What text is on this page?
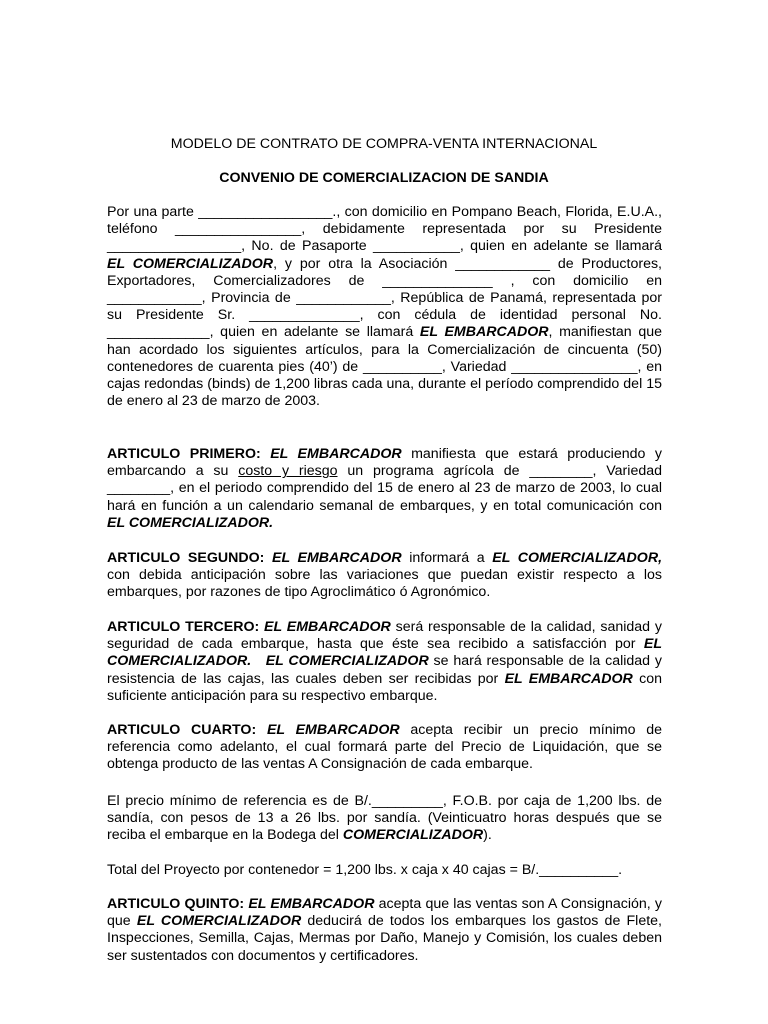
MODELO DE CONTRATO DE COMPRA-VENTA INTERNACIONAL
CONVENIO DE COMERCIALIZACION DE SANDIA

Por una parte _________________., con domicilio en Pompano Beach, Florida, E.U.A., teléfono ________________, debidamente representada por su Presidente _________________, No. de Pasaporte ___________, quien en adelante se llamará EL COMERCIALIZADOR, y por otra la Asociación ____________ de Productores, Exportadores, Comercializadores de ______________ , con domicilio en ____________, Provincia de ____________, República de Panamá, representada por su Presidente Sr. ______________, con cédula de identidad personal No. _____________, quien en adelante se llamará EL EMBARCADOR, manifiestan que han acordado los siguientes artículos, para la Comercialización de cincuenta (50) contenedores de cuarenta pies (40’) de __________, Variedad ________________, en cajas redondas (binds) de 1,200 libras cada una, durante el período comprendido del 15 de enero al 23 de marzo de 2003.

ARTICULO PRIMERO: EL EMBARCADOR manifiesta que estará produciendo y embarcando a su costo y riesgo un programa agrícola de ________, Variedad ________, en el periodo comprendido del 15 de enero al 23 de marzo de 2003, lo cual hará en función a un calendario semanal de embarques, y en total comunicación con EL COMERCIALIZADOR.

ARTICULO SEGUNDO: EL EMBARCADOR informará a EL COMERCIALIZADOR, con debida anticipación sobre las variaciones que puedan existir respecto a los embarques, por razones de tipo Agroclimático ó Agronómico.

ARTICULO TERCERO: EL EMBARCADOR será responsable de la calidad, sanidad y seguridad de cada embarque, hasta que éste sea recibido a satisfacción por EL COMERCIALIZADOR. EL COMERCIALIZADOR se hará responsable de la calidad y resistencia de las cajas, las cuales deben ser recibidas por EL EMBARCADOR con suficiente anticipación para su respectivo embarque.

ARTICULO CUARTO: EL EMBARCADOR acepta recibir un precio mínimo de referencia como adelanto, el cual formará parte del Precio de Liquidación, que se obtenga producto de las ventas A Consignación de cada embarque.

El precio mínimo de referencia es de B/._________, F.O.B. por caja de 1,200 lbs. de sandía, con pesos de 13 a 26 lbs. por sandía. (Veinticuatro horas después que se reciba el embarque en la Bodega del COMERCIALIZADOR).

Total del Proyecto por contenedor = 1,200 lbs. x caja x 40 cajas = B/.__________.

ARTICULO QUINTO: EL EMBARCADOR acepta que las ventas son A Consignación, y que EL COMERCIALIZADOR deducirá de todos los embarques los gastos de Flete, Inspecciones, Semilla, Cajas, Mermas por Daño, Manejo y Comisión, los cuales deben ser sustentados con documentos y certificadores.
